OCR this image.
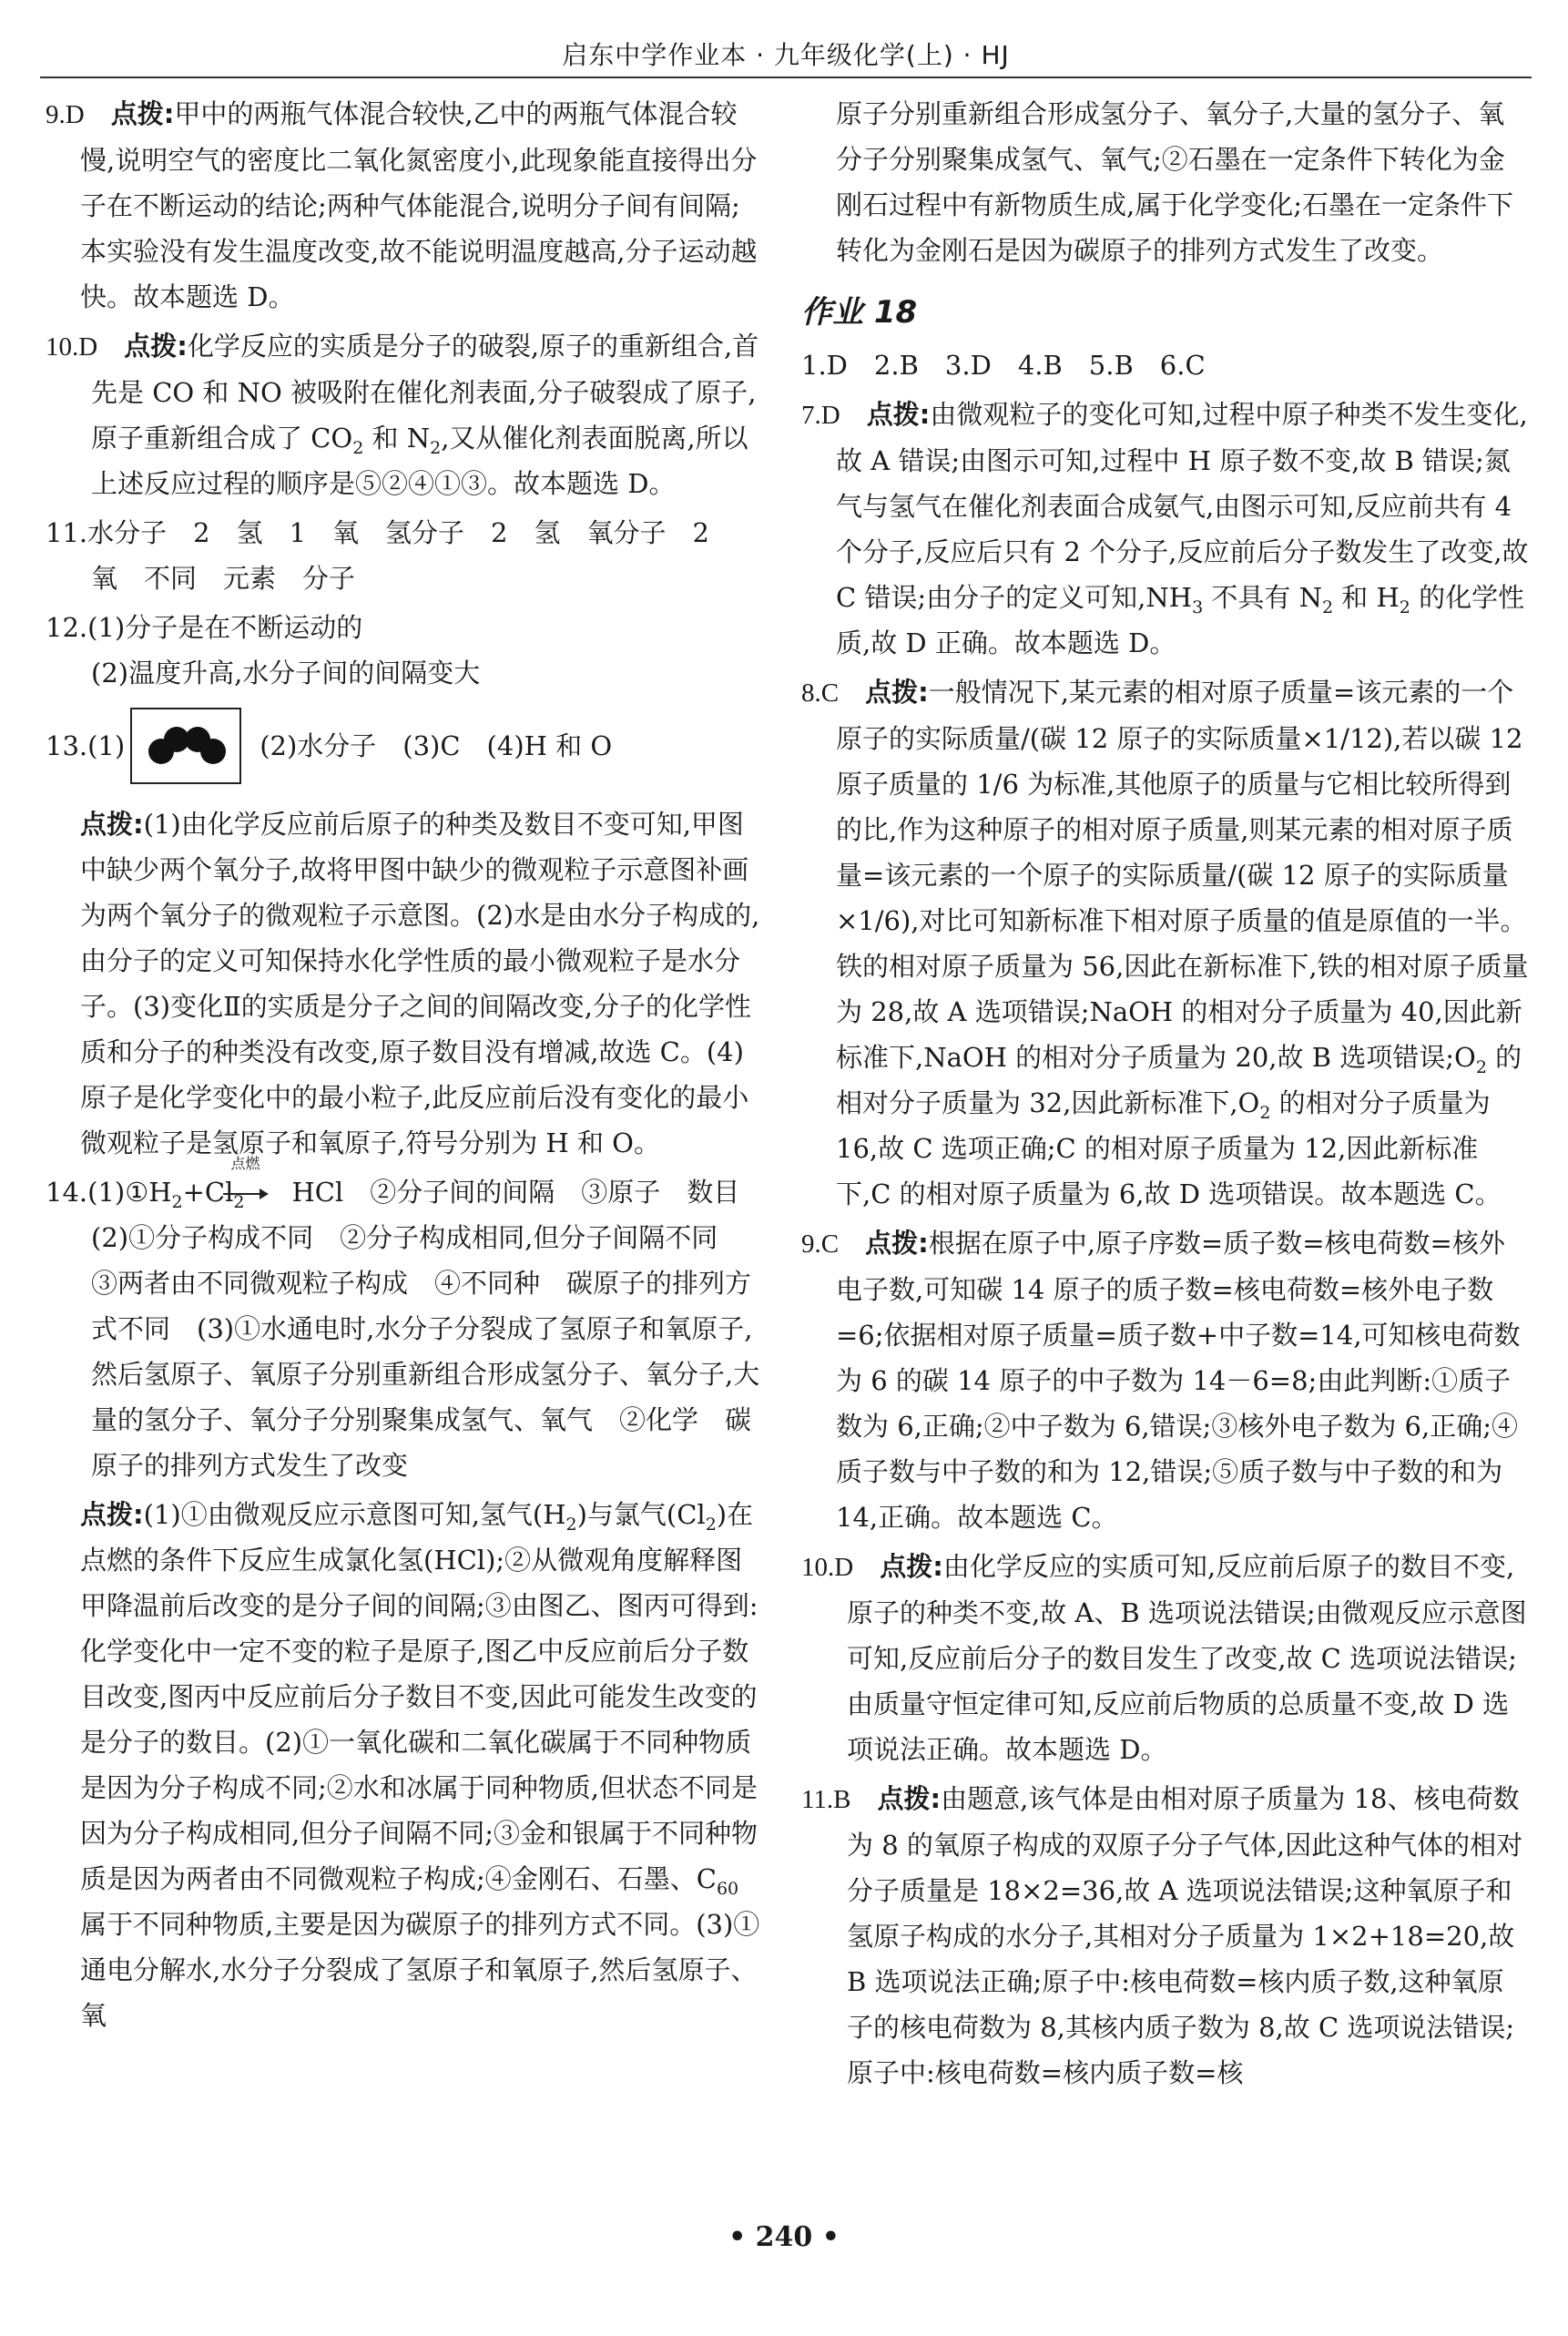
启东中学作业本 · 九年级化学(上) · HJ

9.D　 点拨:甲中的两瓶气体混合较快,乙中的两瓶气体混合较慢,说明空气的密度比二氧化氮密度小,此现象能直接得出分子在不断运动的结论;两种气体能混合,说明分子间有间隔;本实验没有发生温度改变,故不能说明温度越高,分子运动越快。故本题选 D。

10.D　 点拨:化学反应的实质是分子的破裂,原子的重新组合,首先是 CO 和 NO 被吸附在催化剂表面,分子破裂成了原子,原子重新组合成了 $CO_2$ 和 $N_2$,又从催化剂表面脱离,所以上述反应过程的顺序是⑤②④①③。故本题选 D。

11.水分子　2　氢　1　氧　氢分子　2　氢　氧分子　2
氧　不同　元素　分子

12.(1)分子是在不断运动的
(2)温度升高,水分子间的间隔变大

13.(1)	(2)水分子　(3)C　(4)H 和 O

点拨:(1)由化学反应前后原子的种类及数目不变可知,甲图中缺少两个氧分子,故将甲图中缺少的微观粒子示意图补画为两个氧分子的微观粒子示意图。(2)水是由水分子构成的,由分子的定义可知保持水化学性质的最小微观粒子是水分子。(3)变化Ⅱ的实质是分子之间的间隔改变,分子的化学性质和分子的种类没有改变,原子数目没有增减,故选 C。(4)原子是化学变化中的最小粒子,此反应前后没有变化的最小微观粒子是氢原子和氧原子,符号分别为 H 和 O。

$14.(1)①H_2+Cl_2$
点燃
HCl　②分子间的间隔　③原子　数目　(2)①分子构成不同　②分子构成相同,但分子间隔不同　③两者由不同微观粒子构成　④不同种　碳原子的排列方式不同　(3)①水通电时,水分子分裂成了氢原子和氧原子,然后氢原子、氧原子分别重新组合形成氢分子、氧分子,大量的氢分子、氧分子分别聚集成氢气、氧气　②化学　碳原子的排列方式发生了改变

点拨:(1)①由微观反应示意图可知,氢气$(H_2)$与氯气$(Cl_2)$在点燃的条件下反应生成氯化氢(HCl);②从微观角度解释图甲降温前后改变的是分子间的间隔;③由图乙、图丙可得到:化学变化中一定不变的粒子是原子,图乙中反应前后分子数目改变,图丙中反应前后分子数目不变,因此可能发生改变的是分子的数目。(2)①一氧化碳和二氧化碳属于不同种物质是因为分子构成不同;②水和冰属于同种物质,但状态不同是因为分子构成相同,但分子间隔不同;③金和银属于不同种物质是因为两者由不同微观粒子构成;④金刚石、石墨、$C_{60}$属于不同种物质,主要是因为碳原子的排列方式不同。(3)①通电分解水,水分子分裂成了氢原子和氧原子,然后氢原子、氧

原子分别重新组合形成氢分子、氧分子,大量的氢分子、氧分子分别聚集成氢气、氧气;②石墨在一定条件下转化为金刚石过程中有新物质生成,属于化学变化;石墨在一定条件下转化为金刚石是因为碳原子的排列方式发生了改变。

作业 18

1.D　2.B　3.D　4.B　5.B　6.C

7.D　 点拨:由微观粒子的变化可知,过程中原子种类不发生变化,故 A 错误;由图示可知,过程中 H 原子数不变,故 B 错误;氮气与氢气在催化剂表面合成氨气,由图示可知,反应前共有 4 个分子,反应后只有 2 个分子,反应前后分子数发生了改变,故 C 错误;由分子的定义可知$,NH_3$ 不具有 $N_2$ 和 $H_2$ 的化学性质,故 D 正确。故本题选 D。

8.C　 点拨:一般情况下,某元素的相对原子质量=该元素的一个原子的实际质量/(碳 12 原子的实际质量×1/12),若以碳 12 原子质量的 1/6 为标准,其他原子的质量与它相比较所得到的比,作为这种原子的相对原子质量,则某元素的相对原子质量=该元素的一个原子的实际质量/(碳 12 原子的实际质量×1/6),对比可知新标准下相对原子质量的值是原值的一半。铁的相对原子质量为 56,因此在新标准下,铁的相对原子质量为 28,故 A 选项错误;NaOH 的相对分子质量为 40,因此新标准下,NaOH 的相对分子质量为 20,故 B 选项错误$;O_2$ 的相对分子质量为 32,因此新标准下$,O_2$ 的相对分子质量为 16,故 C 选项正确;C 的相对原子质量为 12,因此新标准下,C 的相对原子质量为 6,故 D 选项错误。故本题选 C。

9.C　 点拨:根据在原子中,原子序数=质子数=核电荷数=核外电子数,可知碳 14 原子的质子数=核电荷数=核外电子数=6;依据相对原子质量=质子数+中子数=14,可知核电荷数为 6 的碳 14 原子的中子数为 14－6=8;由此判断:①质子数为 6,正确;②中子数为 6,错误;③核外电子数为 6,正确;④质子数与中子数的和为 12,错误;⑤质子数与中子数的和为 14,正确。故本题选 C。

10.D　 点拨:由化学反应的实质可知,反应前后原子的数目不变,原子的种类不变,故 A、B 选项说法错误;由微观反应示意图可知,反应前后分子的数目发生了改变,故 C 选项说法错误;由质量守恒定律可知,反应前后物质的总质量不变,故 D 选项说法正确。故本题选 D。

11.B　 点拨:由题意,该气体是由相对原子质量为 18、核电荷数为 8 的氧原子构成的双原子分子气体,因此这种气体的相对分子质量是 18×2=36,故 A 选项说法错误;这种氧原子和氢原子构成的水分子,其相对分子质量为 1×2+18=20,故 B 选项说法正确;原子中:核电荷数=核内质子数,这种氧原子的核电荷数为 8,其核内质子数为 8,故 C 选项说法错误;原子中:核电荷数=核内质子数=核

• 240 •
